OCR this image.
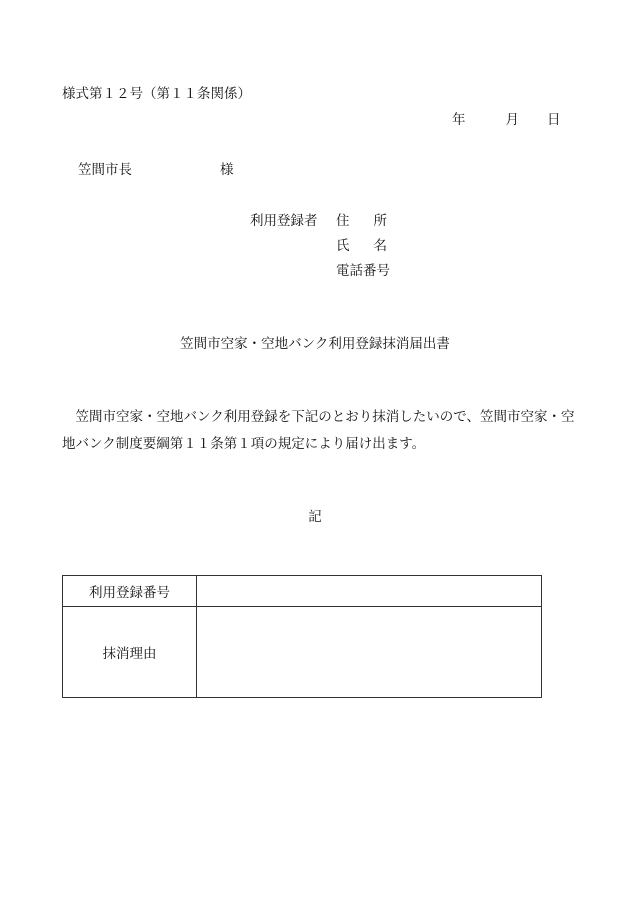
様式第１２号（第１１条関係）
年	月 日
笠間市長	様
利用登録者	住所
氏名
電話番号
笠間市空家・空地バンク利用登録抹消届出書
笠間市空家・空地バンク利用登録を下記のとおり抹消したいので、笠間市空家・空地バンク制度要綱第１１条第１項の規定により届け出ます。
記
利用登録番号	
抹消理由	
